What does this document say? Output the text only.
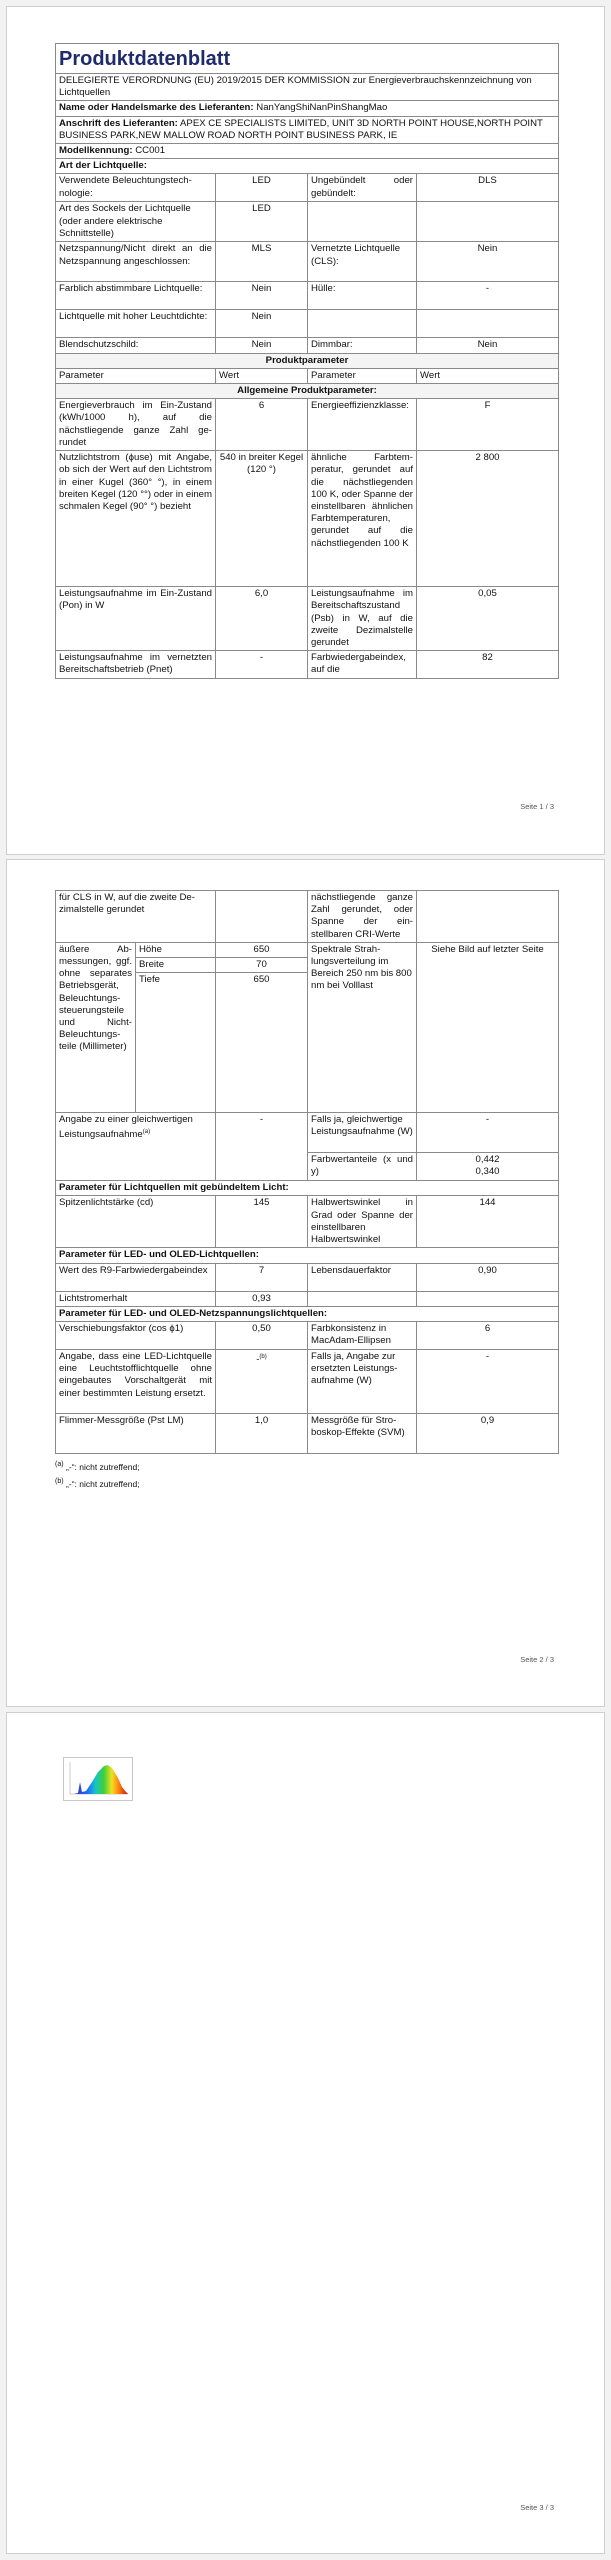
Produktdatenblatt			
DELEGIERTE VERORDNUNG (EU) 2019/2015 DER KOMMISSION zur Energieverbrauchskennzeichnung von Lichtquellen			
Name oder Handelsmarke des Lieferanten: NanYangShiNanPinShangMao			
Anschrift des Lieferanten: APEX CE SPECIALISTS LIMITED, UNIT 3D NORTH POINT HOUSE,NORTH POINT BUSINESS PARK,NEW MALLOW ROAD NORTH POINT BUSINESS PARK, IE			
Modellkennung: CC001			
Art der Lichtquelle:			
Verwendete Beleuchtungstechnologie:	LED	Ungebündelt oder gebündelt:	DLS
Art des Sockels der Lichtquelle (oder andere elektrische Schnittstelle)	LED		
Netzspannung/Nicht direkt an die Netzspannung angeschlossen:	MLS	Vernetzte Lichtquelle (CLS):	Nein
Farblich abstimmbare Lichtquelle:	Nein	Hülle:	-
Lichtquelle mit hoher Leuchtdichte:	Nein		
Blendschutzschild:	Nein	Dimmbar:	Nein
Produktparameter			
Parameter	Wert	Parameter	Wert
Allgemeine Produktparameter:			
Energieverbrauch im Ein-Zustand (kWh/1000 h), auf die nächstliegende ganze Zahl gerundet	6	Energieeffizienzklasse:	F
Nutzlichtstrom (ϕuse) mit Angabe, ob sich der Wert auf den Lichtstrom in einer Kugel (360° °), in einem breiten Kegel (120 °°) oder in einem schmalen Kegel (90° °) bezieht	540 in breiter Kegel (120 °)	ähnliche Farbtemperatur, gerundet auf die nächstliegenden 100 K, oder Spanne der einstellbaren ähnlichen Farbtemperaturen, gerundet auf die nächstliegenden 100 K	2 800
Leistungsaufnahme im Ein-Zustand (Pon) in W	6,0	Leistungsaufnahme im Bereitschaftszustand (Psb) in W, auf die zweite Dezimalstelle gerundet	0,05
Leistungsaufnahme im vernetzten Bereitschaftsbetrieb (Pnet)	-	Farbwiedergabeindex, auf die	82
Seite 1 / 3
für CLS in W, auf die zweite Dezimalstelle gerundet			nächstliegende ganze Zahl gerundet, oder Spanne der einstellbaren CRI-Werte	
äußere Abmessungen, ggf. ohne separates Betriebsgerät, Beleuchtungssteuerungsteile und Nicht-Beleuchtungsteile (Millimeter)	Höhe	650	Spektrale Strahlungsverteilung im Bereich 250 nm bis 800 nm bei Volllast	Siehe Bild auf letzter Seite
	Breite	70		
	Tiefe	650		
Angabe zu einer gleichwertigen Leistungsaufnahme$^{(a)}$		-	Falls ja, gleichwertige Leistungsaufnahme (W)	-
			Farbwertanteile (x und y)	0,442
0,340
Parameter für Lichtquellen mit gebündeltem Licht:				
Spitzenlichtstärke (cd)		145	Halbwertswinkel in Grad oder Spanne der einstellbaren Halbwertswinkel	144
Parameter für LED- und OLED-Lichtquellen:				
Wert des R9-Farbwiedergabeindex		7	Lebensdauerfaktor	0,90
Lichtstromerhalt		0,93		
Parameter für LED- und OLED-Netzspannungslichtquellen:				
Verschiebungsfaktor (cos ϕ1)		0,50	Farbkonsistenz in MacAdam-Ellipsen	6
Angabe, dass eine LED-Lichtquelle eine Leuchtstofflichtquelle ohne eingebautes Vorschaltgerät mit einer bestimmten Leistung ersetzt.		-$^{(b)}$	Falls ja, Angabe zur ersetzten Leistungsaufnahme (W)	-
Flimmer-Messgröße (Pst LM)		1,0	Messgröße für Stroboskop-Effekte (SVM)	0,9
$^{(a)}$ „-“: nicht zutreffend;
$^{(b)}$ „-“: nicht zutreffend;
Seite 2 / 3
Seite 3 / 3
